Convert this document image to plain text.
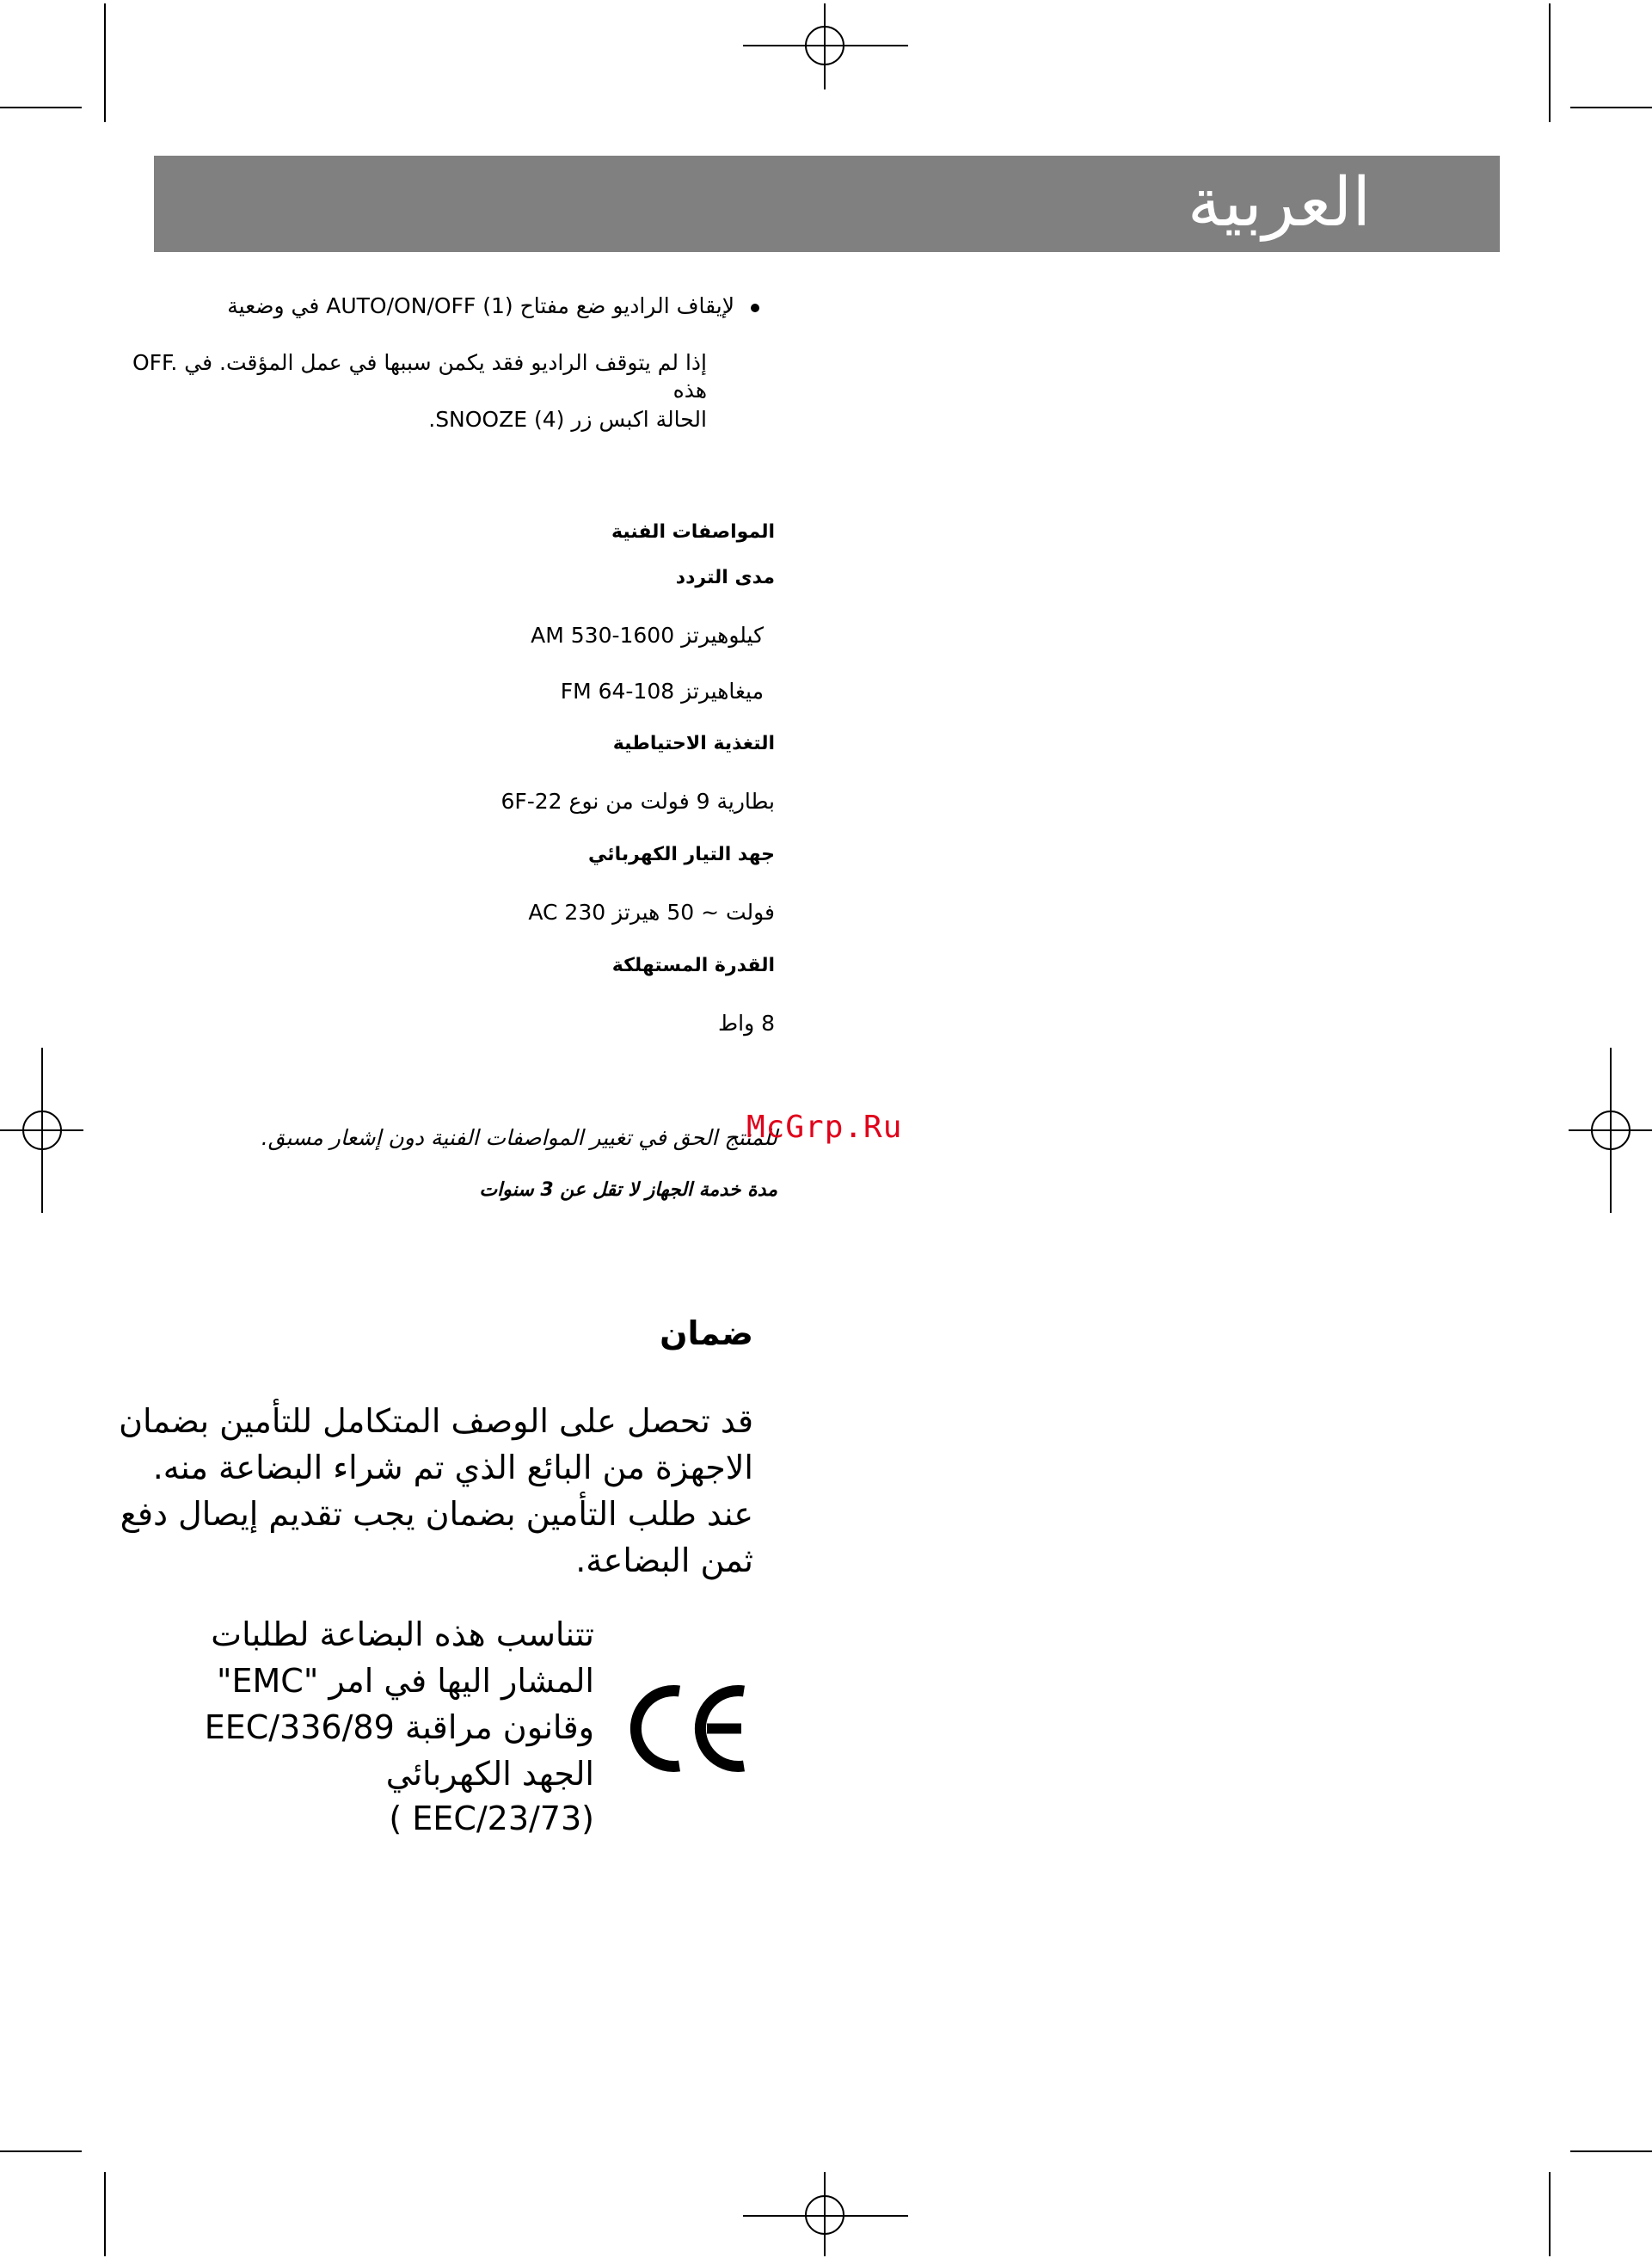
العربية
لإيقاف الراديو ضع مفتاح AUTO/ON/OFF (1) في وضعية
OFF. إذا لم يتوقف الراديو فقد يكمن سببها في عمل المؤقت. في هذه
الحالة اكبس زر SNOOZE (4).
المواصفات الفنية
مدى التردد
AM 530-1600 كيلوهيرتز
FM 64-108 ميغاهيرتز
التغذية الاحتياطية
بطارية 9 فولت من نوع 6F-22
جهد التيار الكهربائي
AC 230 فولت ~ 50 هيرتز
القدرة المستهلكة
8 واط
للمنتج الحق في تغيير المواصفات الفنية دون إشعار مسبق.
مدة خدمة الجهاز لا تقل عن 3 سنوات
McGrp.Ru
ضمان
قد تحصل على الوصف المتكامل للتأمين بضمان
الاجهزة من البائع الذي تم شراء البضاعة منه.
عند طلب التأمين بضمان يجب تقديم إيصال دفع
ثمن البضاعة.
تتناسب هذه البضاعة لطلبات
"EMC" المشار اليها في امر
EEC/336/89 وقانون مراقبة
الجهد الكهربائي
( EEC/23/73)
